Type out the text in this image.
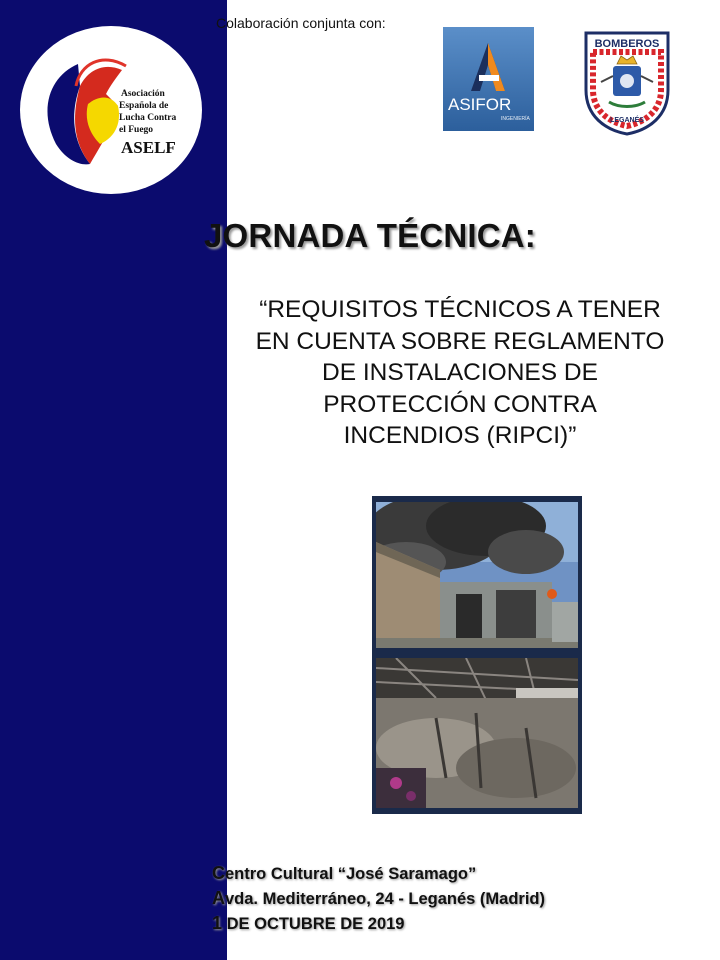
Colaboración conjunta con:
Asociación
Española de
Lucha Contra
el Fuego
ASELF
ASIFOR
INGENIERÍA
BOMBEROS
LEGANÉS
JORNADA TÉCNICA:
“REQUISITOS TÉCNICOS A TENER
EN CUENTA SOBRE REGLAMENTO
DE INSTALACIONES DE
PROTECCIÓN CONTRA
INCENDIOS (RIPCI)”
Centro Cultural “José Saramago”
Avda. Mediterráneo, 24 - Leganés (Madrid)
1 DE OCTUBRE DE 2019
